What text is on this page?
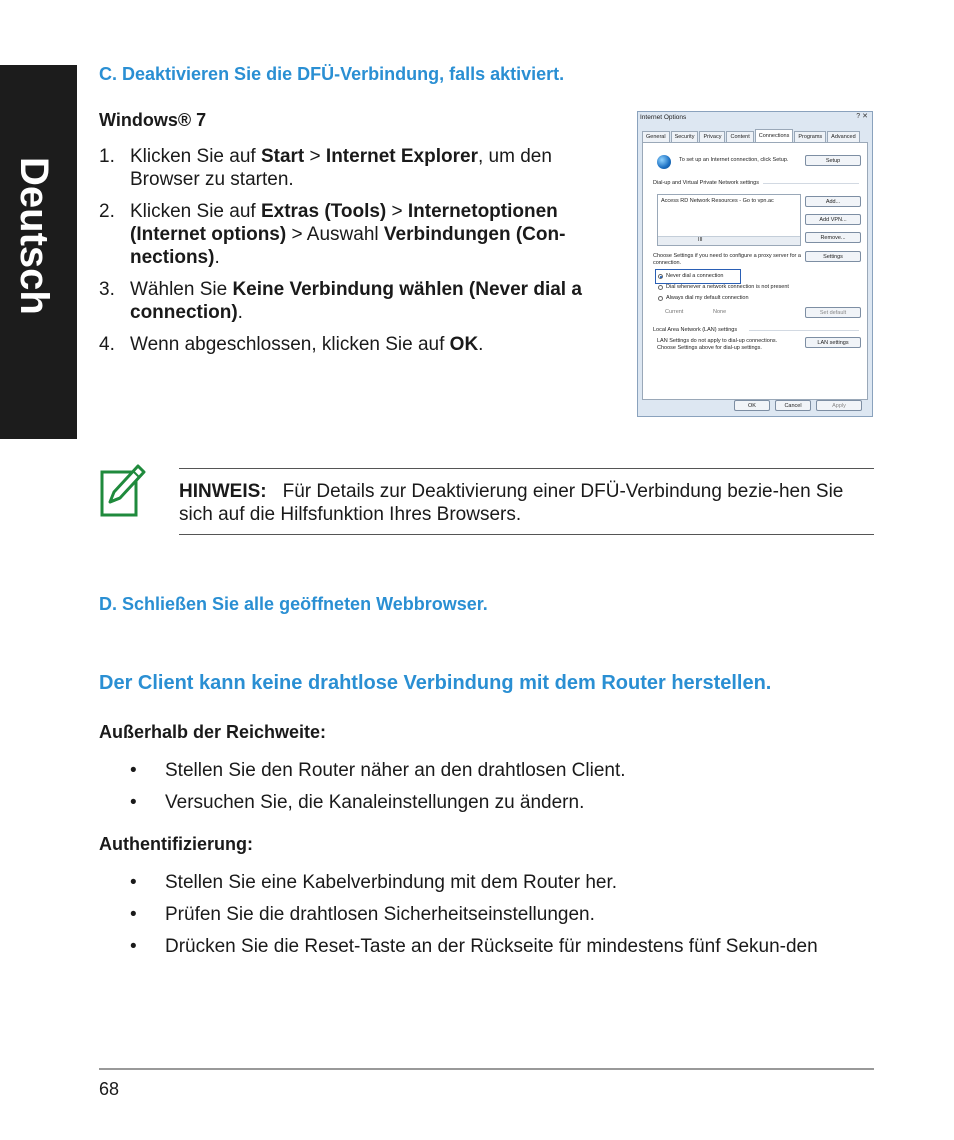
Deutsch
C. Deaktivieren Sie die DFÜ-Verbindung, falls aktiviert.
Windows® 7
1. Klicken Sie auf Start > Internet Explorer, um den Browser zu starten.
2. Klicken Sie auf Extras (Tools) > Internetoptionen (Internet options) > Auswahl Verbindungen (Con-nections).
3. Wählen Sie Keine Verbindung wählen (Never dial a connection).
4. Wenn abgeschlossen, klicken Sie auf OK.
Internet Options	? ✕
General	Security	Privacy	Content	Connections	Programs	Advanced
To set up an Internet connection, click Setup.	Setup
Dial-up and Virtual Private Network settings
Access RD Network Resources - Go to vpn.ac
III
Add...
Add VPN...
Remove...
Choose Settings if you need to configure a proxy server for a connection.
Settings
Never dial a connection
Dial whenever a network connection is not present
Always dial my default connection
Current	None	Set default
Local Area Network (LAN) settings
LAN Settings do not apply to dial-up connections. Choose Settings above for dial-up settings.
LAN settings
OK	Cancel	Apply
HINWEIS: Für Details zur Deaktivierung einer DFÜ-Verbindung bezie-hen Sie sich auf die Hilfsfunktion Ihres Browsers.
D. Schließen Sie alle geöffneten Webbrowser.
Der Client kann keine drahtlose Verbindung mit dem Router herstellen.
Außerhalb der Reichweite:
• Stellen Sie den Router näher an den drahtlosen Client.
• Versuchen Sie, die Kanaleinstellungen zu ändern.
Authentifizierung:
• Stellen Sie eine Kabelverbindung mit dem Router her.
• Prüfen Sie die drahtlosen Sicherheitseinstellungen.
• Drücken Sie die Reset-Taste an der Rückseite für mindestens fünf Sekun-den
68
